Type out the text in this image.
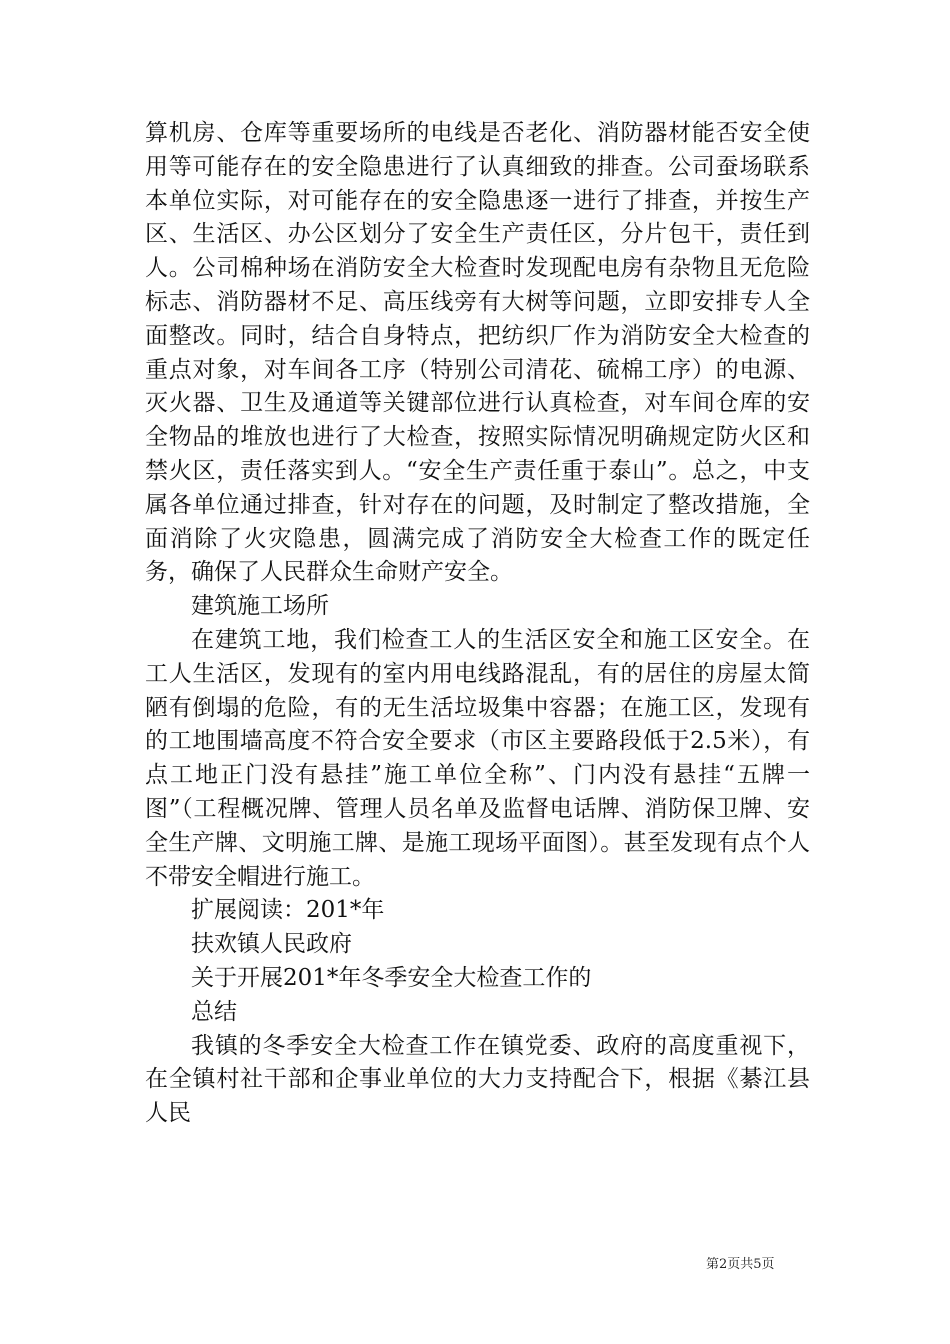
算机房、仓库等重要场所的电线是否老化、消防器材能否安全使用等可能存在的安全隐患进行了认真细致的排查。公司蚕场联系本单位实际，对可能存在的安全隐患逐一进行了排查，并按生产区、生活区、办公区划分了安全生产责任区，分片包干，责任到人。公司棉种场在消防安全大检查时发现配电房有杂物且无危险标志、消防器材不足、高压线旁有大树等问题，立即安排专人全面整改。同时，结合自身特点，把纺织厂作为消防安全大检查的重点对象，对车间各工序（特别公司清花、硫棉工序）的电源、灭火器、卫生及通道等关键部位进行认真检查，对车间仓库的安全物品的堆放也进行了大检查，按照实际情况明确规定防火区和禁火区，责任落实到人。“安全生产责任重于泰山”。总之，中支属各单位通过排查，针对存在的问题，及时制定了整改措施，全面消除了火灾隐患，圆满完成了消防安全大检查工作的既定任务，确保了人民群众生命财产安全。

建筑施工场所

在建筑工地，我们检查工人的生活区安全和施工区安全。在工人生活区，发现有的室内用电线路混乱，有的居住的房屋太简陋有倒塌的危险，有的无生活垃圾集中容器；在施工区，发现有的工地围墙高度不符合安全要求（市区主要路段低于2.5米），有点工地正门没有悬挂”施工单位全称”、门内没有悬挂“五牌一图”（工程概况牌、管理人员名单及监督电话牌、消防保卫牌、安全生产牌、文明施工牌、是施工现场平面图）。甚至发现有点个人不带安全帽进行施工。

扩展阅读：201*年

扶欢镇人民政府

关于开展201*年冬季安全大检查工作的

总结

我镇的冬季安全大检查工作在镇党委、政府的高度重视下，在全镇村社干部和企事业单位的大力支持配合下，根据《綦江县人民

第2页共5页
